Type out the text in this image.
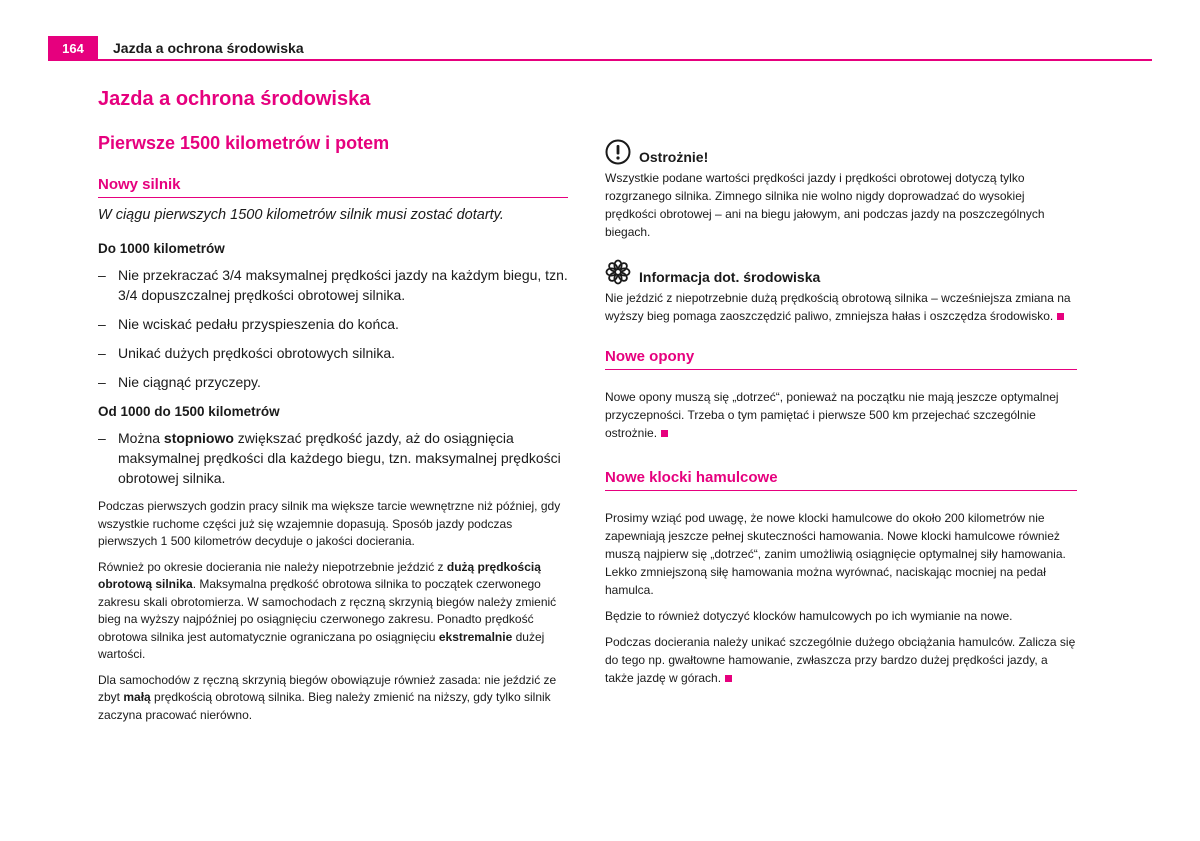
164	Jazda a ochrona środowiska
Jazda a ochrona środowiska
Pierwsze 1500 kilometrów i potem
Nowy silnik
W ciągu pierwszych 1500 kilometrów silnik musi zostać dotarty.
Do 1000 kilometrów
– Nie przekraczać 3/4 maksymalnej prędkości jazdy na każdym biegu, tzn. 3/4 dopuszczalnej prędkości obrotowej silnika.
– Nie wciskać pedału przyspieszenia do końca.
– Unikać dużych prędkości obrotowych silnika.
– Nie ciągnąć przyczepy.
Od 1000 do 1500 kilometrów
– Można stopniowo zwiększać prędkość jazdy, aż do osiągnięcia maksymalnej prędkości dla każdego biegu, tzn. maksymalnej prędkości obrotowej silnika.

Podczas pierwszych godzin pracy silnik ma większe tarcie wewnętrzne niż później, gdy wszystkie ruchome części już się wzajemnie dopasują. Sposób jazdy podczas pierwszych 1 500 kilometrów decyduje o jakości docierania.

Również po okresie docierania nie należy niepotrzebnie jeździć z dużą prędkością obrotową silnika. Maksymalna prędkość obrotowa silnika to początek czerwonego zakresu skali obrotomierza. W samochodach z ręczną skrzynią biegów należy zmienić bieg na wyższy najpóźniej po osiągnięciu czerwonego zakresu. Ponadto prędkość obrotowa silnika jest automatycznie ograniczana po osiągnięciu ekstremalnie dużej wartości.

Dla samochodów z ręczną skrzynią biegów obowiązuje również zasada: nie jeździć ze zbyt małą prędkością obrotową silnika. Bieg należy zmienić na niższy, gdy tylko silnik zaczyna pracować nierówno.

Ostrożnie!

Wszystkie podane wartości prędkości jazdy i prędkości obrotowej dotyczą tylko rozgrzanego silnika. Zimnego silnika nie wolno nigdy doprowadzać do wysokiej prędkości obrotowej – ani na biegu jałowym, ani podczas jazdy na poszczególnych biegach.

Informacja dot. środowiska

Nie jeździć z niepotrzebnie dużą prędkością obrotową silnika – wcześniejsza zmiana na wyższy bieg pomaga zaoszczędzić paliwo, zmniejsza hałas i oszczędza środowisko.

Nowe opony

Nowe opony muszą się „dotrzeć“, ponieważ na początku nie mają jeszcze optymalnej przyczepności. Trzeba o tym pamiętać i pierwsze 500 km przejechać szczególnie ostrożnie.

Nowe klocki hamulcowe

Prosimy wziąć pod uwagę, że nowe klocki hamulcowe do około 200 kilometrów nie zapewniają jeszcze pełnej skuteczności hamowania. Nowe klocki hamulcowe również muszą najpierw się „dotrzeć“, zanim umożliwią osiągnięcie optymalnej siły hamowania. Lekko zmniejszoną siłę hamowania można wyrównać, naciskając mocniej na pedał hamulca.

Będzie to również dotyczyć klocków hamulcowych po ich wymianie na nowe.

Podczas docierania należy unikać szczególnie dużego obciążania hamulców. Zalicza się do tego np. gwałtowne hamowanie, zwłaszcza przy bardzo dużej prędkości jazdy, a także jazdę w górach.
